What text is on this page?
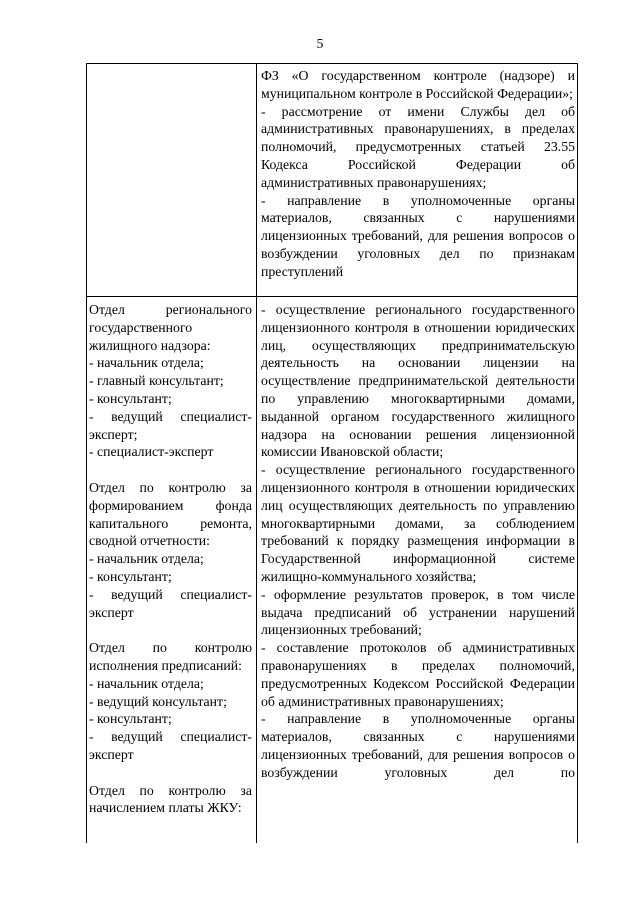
5

ФЗ «О государственном контроле (надзоре) и муниципальном контроле в Российской Федерации»;

- рассмотрение от имени Службы дел об административных правонарушениях, в пределах полномочий, предусмотренных статьей 23.55 Кодекса Российской Федерации об административных правонарушениях;

- направление в уполномоченные органы материалов, связанных с нарушениями лицензионных требований, для решения вопросов о возбуждении уголовных дел по признакам преступлений

Отдел регионального государственного жилищного надзора:

- начальник отдела;

- главный консультант;

- консультант;

- ведущий специалист-эксперт;

- специалист-эксперт

Отдел по контролю за формированием фонда капитального ремонта, сводной отчетности:

- начальник отдела;

- консультант;

- ведущий специалист-эксперт

Отдел по контролю исполнения предписаний:

- начальник отдела;

- ведущий консультант;

- консультант;

- ведущий специалист-эксперт

Отдел по контролю за начислением платы ЖКУ:

- осуществление регионального государственного лицензионного контроля в отношении юридических лиц, осуществляющих предпринимательскую деятельность на основании лицензии на осуществление предпринимательской деятельности по управлению многоквартирными домами, выданной органом государственного жилищного надзора на основании решения лицензионной комиссии Ивановской области;

- осуществление регионального государственного лицензионного контроля в отношении юридических лиц осуществляющих деятельность по управлению многоквартирными домами, за соблюдением требований к порядку размещения информации в Государственной информационной системе жилищно-коммунального хозяйства;

- оформление результатов проверок, в том числе выдача предписаний об устранении нарушений лицензионных требований;

- составление протоколов об административных правонарушениях в пределах полномочий, предусмотренных Кодексом Российской Федерации об административных правонарушениях;

- направление в уполномоченные органы материалов, связанных с нарушениями лицензионных требований, для решения вопросов о возбуждении уголовных дел по
